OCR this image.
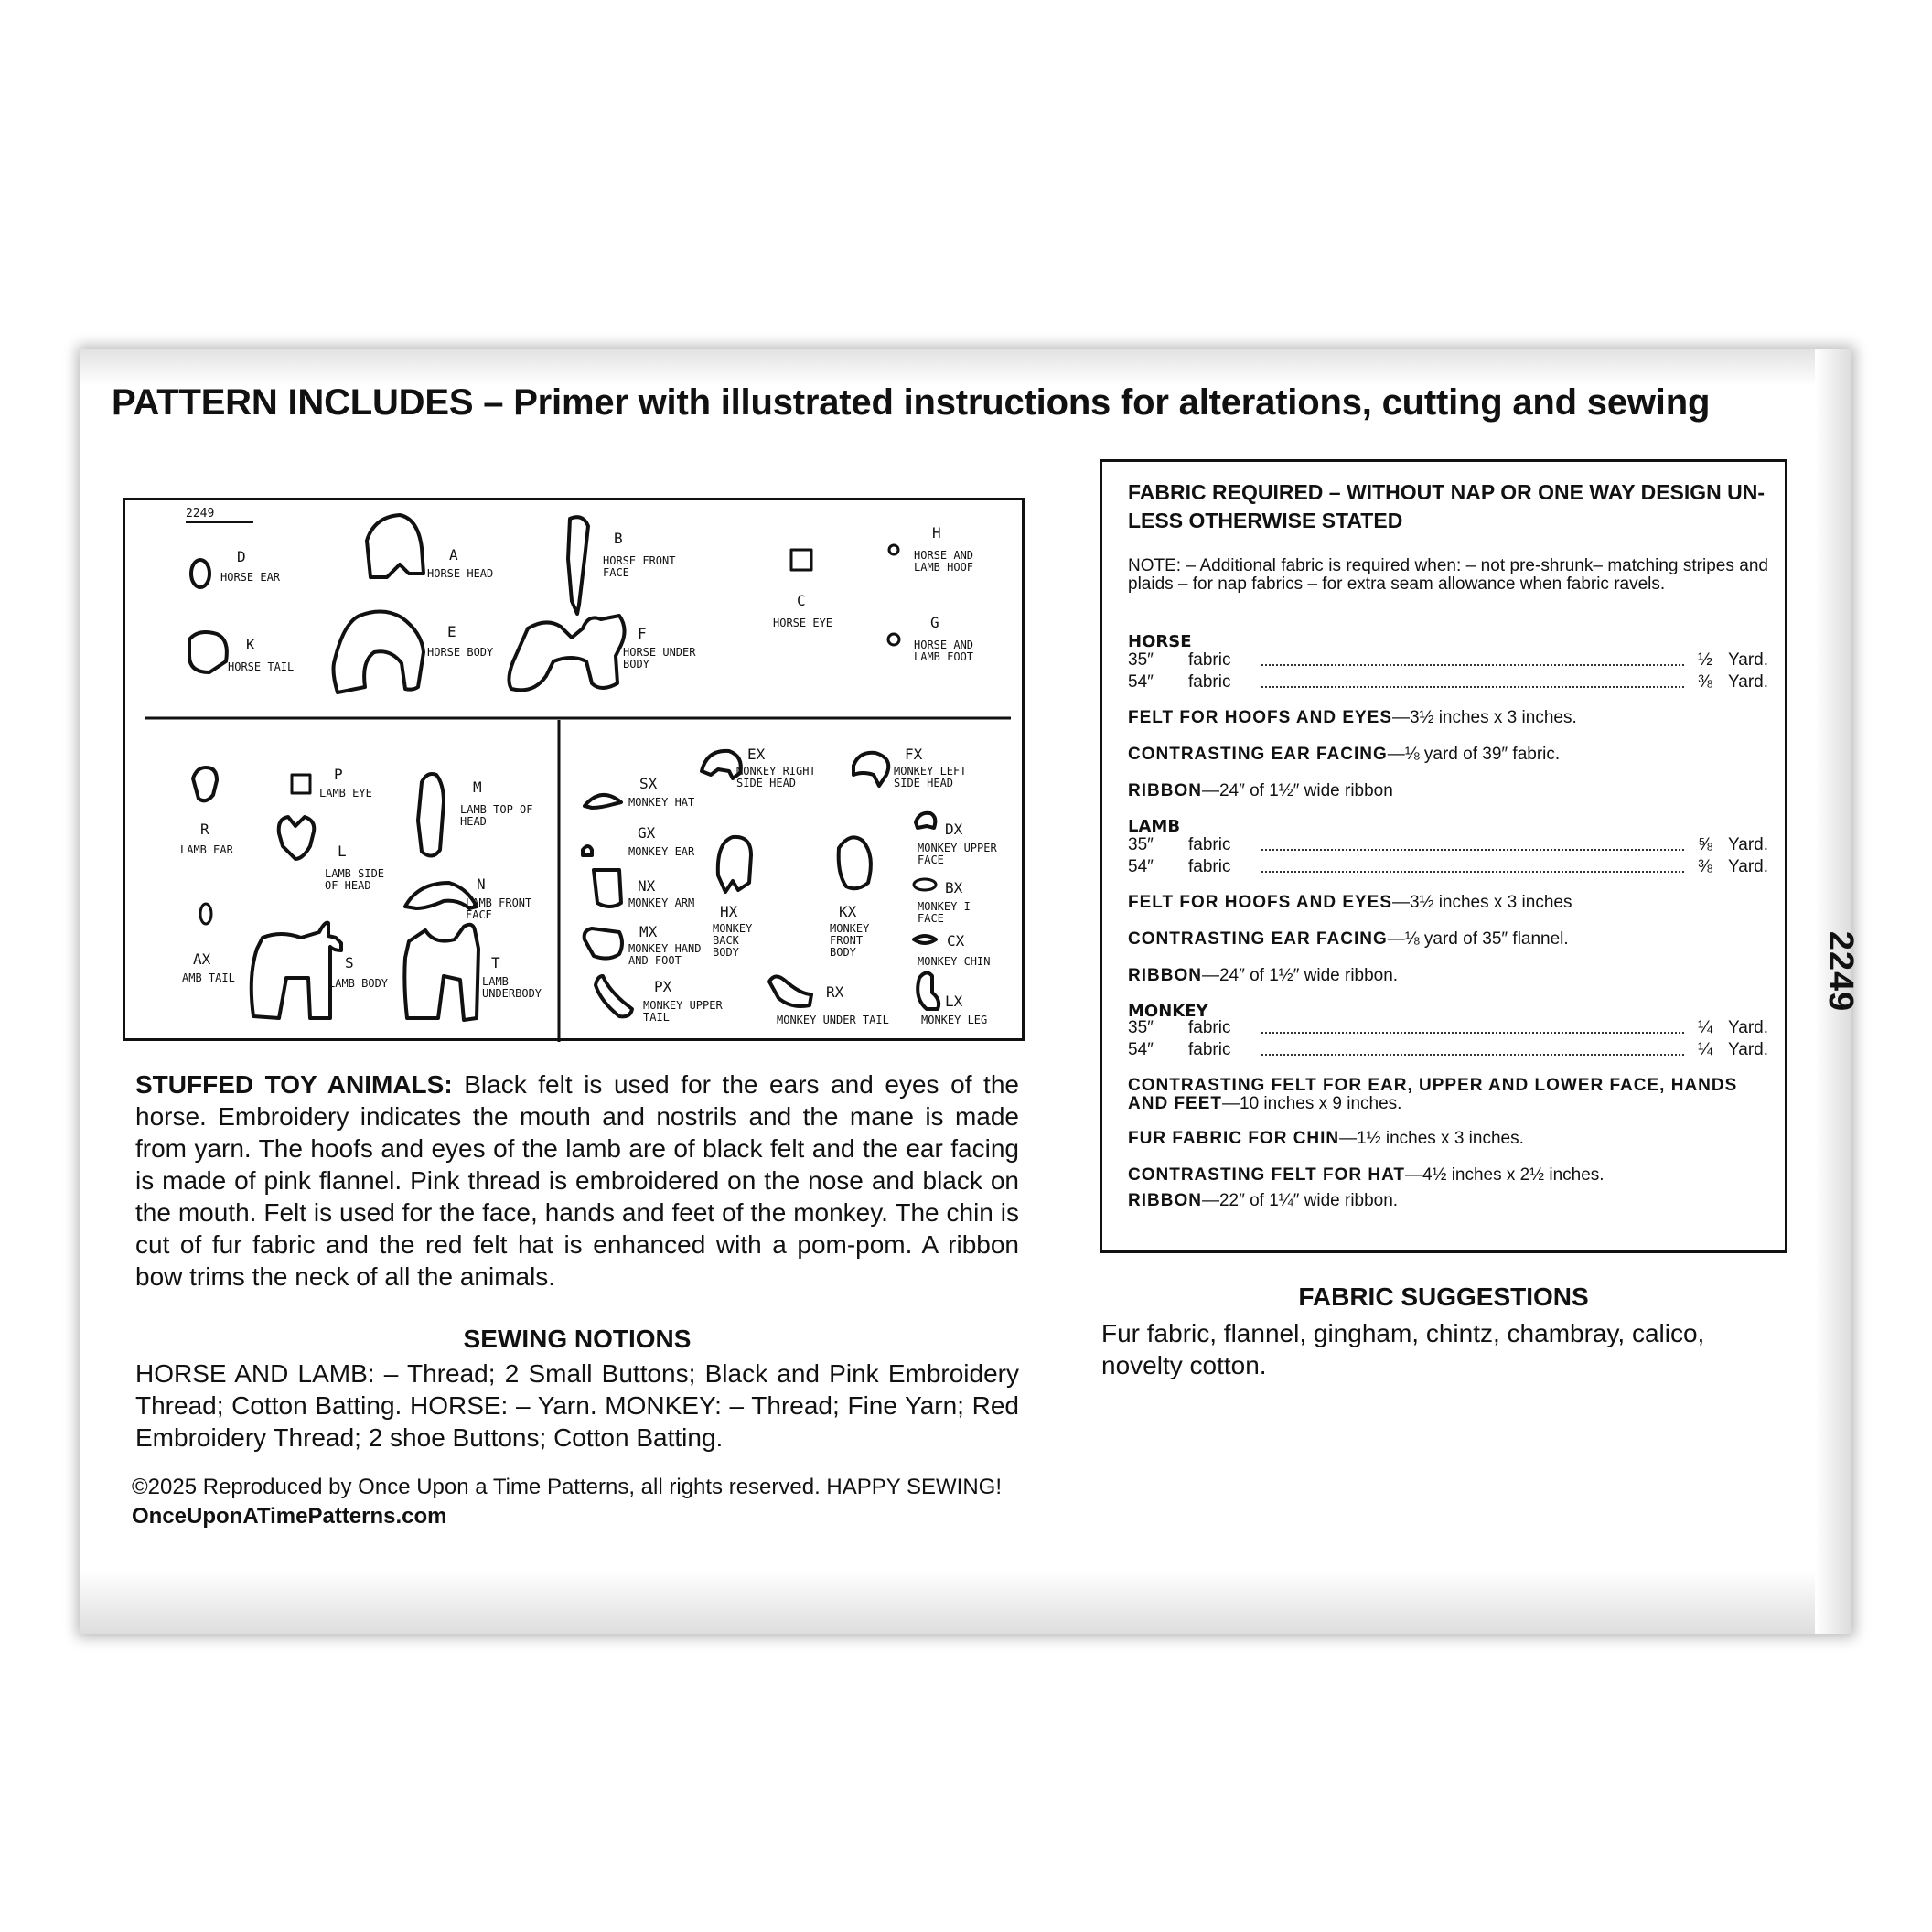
PATTERN INCLUDES – Primer with illustrated instructions for alterations, cutting and sewing
2249
D
HORSE EAR
A
HORSE HEAD
B
HORSE FRONT FACE
H
HORSE AND LAMB HOOF
C
HORSE EYE
K
HORSE TAIL
E
HORSE BODY
F
HORSE UNDER BODY
G
HORSE AND LAMB FOOT
P
LAMB EYE	M
LAMB TOP OF HEAD
R
LAMB EAR	L
LAMB SIDE OF HEAD	N
LAMB FRONT FACE
AX
AMB TAIL
S
LAMB BODY
T
LAMB UNDERBODY
EX
MONKEY RIGHT SIDE HEAD
FX
MONKEY LEFT SIDE HEAD
SX
MONKEY HAT
DX
MONKEY UPPER FACE
GX
MONKEY EAR
BX
MONKEY I FACE
NX
MONKEY ARM HX
MONKEY BACK BODY
KX
MONKEY FRONT BODY
MX
MONKEY HAND AND FOOT
CX
MONKEY CHIN
PX
MONKEY UPPER TAIL
RX
MONKEY UNDER TAIL
LX
MONKEY LEG
STUFFED TOY ANIMALS: Black felt is used for the ears and eyes of the horse. Embroidery indicates the mouth and nostrils and the mane is made from yarn. The hoofs and eyes of the lamb are of black felt and the ear facing is made of pink flannel. Pink thread is embroidered on the nose and black on the mouth. Felt is used for the face, hands and feet of the monkey. The chin is cut of fur fabric and the red felt hat is enhanced with a pom-pom. A ribbon bow trims the neck of all the animals.
SEWING NOTIONS
HORSE AND LAMB: – Thread; 2 Small Buttons; Black and Pink Embroidery Thread; Cotton Batting. HORSE: – Yarn. MONKEY: – Thread; Fine Yarn; Red Embroidery Thread; 2 shoe Buttons; Cotton Batting.
©2025 Reproduced by Once Upon a Time Patterns, all rights reserved. HAPPY SEWING!
OnceUponATimePatterns.com
FABRIC REQUIRED – WITHOUT NAP OR ONE WAY DESIGN UN-LESS OTHERWISE STATED
NOTE: – Additional fabric is required when: – not pre-shrunk– matching stripes and plaids – for nap fabrics – for extra seam allowance when fabric ravels.
HORSE
35″	fabric	½ Yard.
54″	fabric	⅜ Yard.
FELT FOR HOOFS AND EYES—3½ inches x 3 inches.
CONTRASTING EAR FACING—⅛ yard of 39″ fabric.
RIBBON—24″ of 1½″ wide ribbon
LAMB
35″	fabric	⅝ Yard.
54″	fabric	⅜ Yard.
FELT FOR HOOFS AND EYES—3½ inches x 3 inches
CONTRASTING EAR FACING—⅛ yard of 35″ flannel.
RIBBON—24″ of 1½″ wide ribbon.
MONKEY
35″	fabric	¼ Yard.
54″	fabric	¼ Yard.
CONTRASTING FELT FOR EAR, UPPER AND LOWER FACE, HANDS AND FEET—10 inches x 9 inches.
FUR FABRIC FOR CHIN—1½ inches x 3 inches.
CONTRASTING FELT FOR HAT—4½ inches x 2½ inches.
RIBBON—22″ of 1¼″ wide ribbon.
2249
FABRIC SUGGESTIONS
Fur fabric, flannel, gingham, chintz, chambray, calico, novelty cotton.
